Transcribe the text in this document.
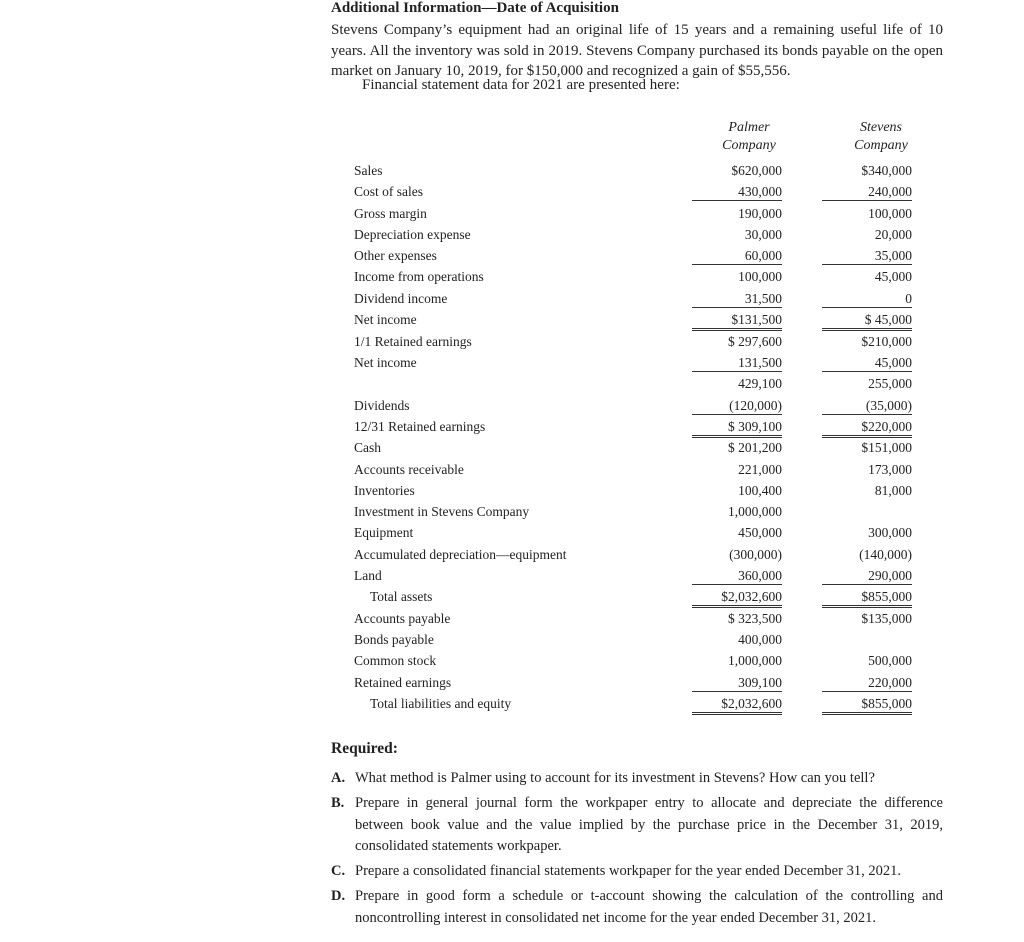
Additional Information—Date of Acquisition
Stevens Company’s equipment had an original life of 15 years and a remaining useful life of 10 years. All the inventory was sold in 2019. Stevens Company purchased its bonds payable on the open market on January 10, 2019, for $150,000 and recognized a gain of $55,556.
Financial statement data for 2021 are presented here:
Palmer
Company
Stevens
Company
Sales	$620,000	$340,000
Cost of sales	430,000	240,000
Gross margin	190,000	100,000
Depreciation expense	30,000	20,000
Other expenses	60,000	35,000
Income from operations	100,000	45,000
Dividend income	31,500	0
Net income	$131,500	$ 45,000
1/1 Retained earnings	$ 297,600	$210,000
Net income	131,500	45,000
429,100	255,000
Dividends	(120,000)	(35,000)
12/31 Retained earnings	$ 309,100	$220,000
Cash	$ 201,200	$151,000
Accounts receivable	221,000	173,000
Inventories	100,400	81,000
Investment in Stevens Company	1,000,000
Equipment	450,000	300,000
Accumulated depreciation—equipment	(300,000)	(140,000)
Land	360,000	290,000
Total assets	$2,032,600	$855,000
Accounts payable	$ 323,500	$135,000
Bonds payable	400,000
Common stock	1,000,000	500,000
Retained earnings	309,100	220,000
Total liabilities and equity	$2,032,600	$855,000
Required:
A. What method is Palmer using to account for its investment in Stevens? How can you tell?
B. Prepare in general journal form the workpaper entry to allocate and depreciate the difference between book value and the value implied by the purchase price in the December 31, 2019, consolidated statements workpaper.
C. Prepare a consolidated financial statements workpaper for the year ended December 31, 2021.
D. Prepare in good form a schedule or t-account showing the calculation of the controlling and noncontrolling interest in consolidated net income for the year ended December 31, 2021.
